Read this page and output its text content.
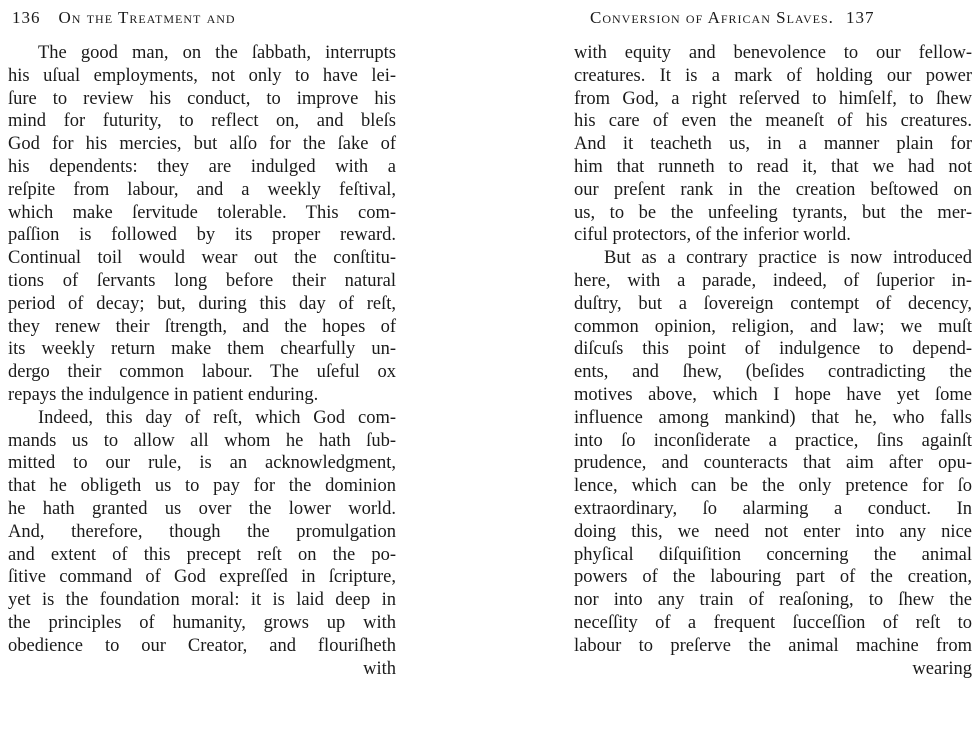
136 On the Treatment and
The good man, on the ſabbath, interrupts
his uſual employments, not only to have lei-
ſure to review his conduct, to improve his
mind for futurity, to reflect on, and bleſs
God for his mercies, but alſo for the ſake of
his dependents: they are indulged with a
reſpite from labour, and a weekly feſtival,
which make ſervitude tolerable. This com-
paſſion is followed by its proper reward.
Continual toil would wear out the conſtitu-
tions of ſervants long before their natural
period of decay; but, during this day of reſt,
they renew their ſtrength, and the hopes of
its weekly return make them chearfully un-
dergo their common labour. The uſeful ox
repays the indulgence in patient enduring.
Indeed, this day of reſt, which God com-
mands us to allow all whom he hath ſub-
mitted to our rule, is an acknowledgment,
that he obligeth us to pay for the dominion
he hath granted us over the lower world.
And, therefore, though the promulgation
and extent of this precept reſt on the po-
ſitive command of God expreſſed in ſcripture,
yet is the foundation moral: it is laid deep in
the principles of humanity, grows up with
obedience to our Creator, and flouriſheth
with
Conversion of African Slaves. 137
with equity and benevolence to our fellow-
creatures. It is a mark of holding our power
from God, a right reſerved to himſelf, to ſhew
his care of even the meaneſt of his creatures.
And it teacheth us, in a manner plain for
him that runneth to read it, that we had not
our preſent rank in the creation beſtowed on
us, to be the unfeeling tyrants, but the mer-
ciful protectors, of the inferior world.
But as a contrary practice is now introduced
here, with a parade, indeed, of ſuperior in-
duſtry, but a ſovereign contempt of decency,
common opinion, religion, and law; we muſt
diſcuſs this point of indulgence to depend-
ents, and ſhew, (beſides contradicting the
motives above, which I hope have yet ſome
influence among mankind) that he, who falls
into ſo inconſiderate a practice, ſins againſt
prudence, and counteracts that aim after opu-
lence, which can be the only pretence for ſo
extraordinary, ſo alarming a conduct. In
doing this, we need not enter into any nice
phyſical diſquiſition concerning the animal
powers of the labouring part of the creation,
nor into any train of reaſoning, to ſhew the
neceſſity of a frequent ſucceſſion of reſt to
labour to preſerve the animal machine from
wearing
